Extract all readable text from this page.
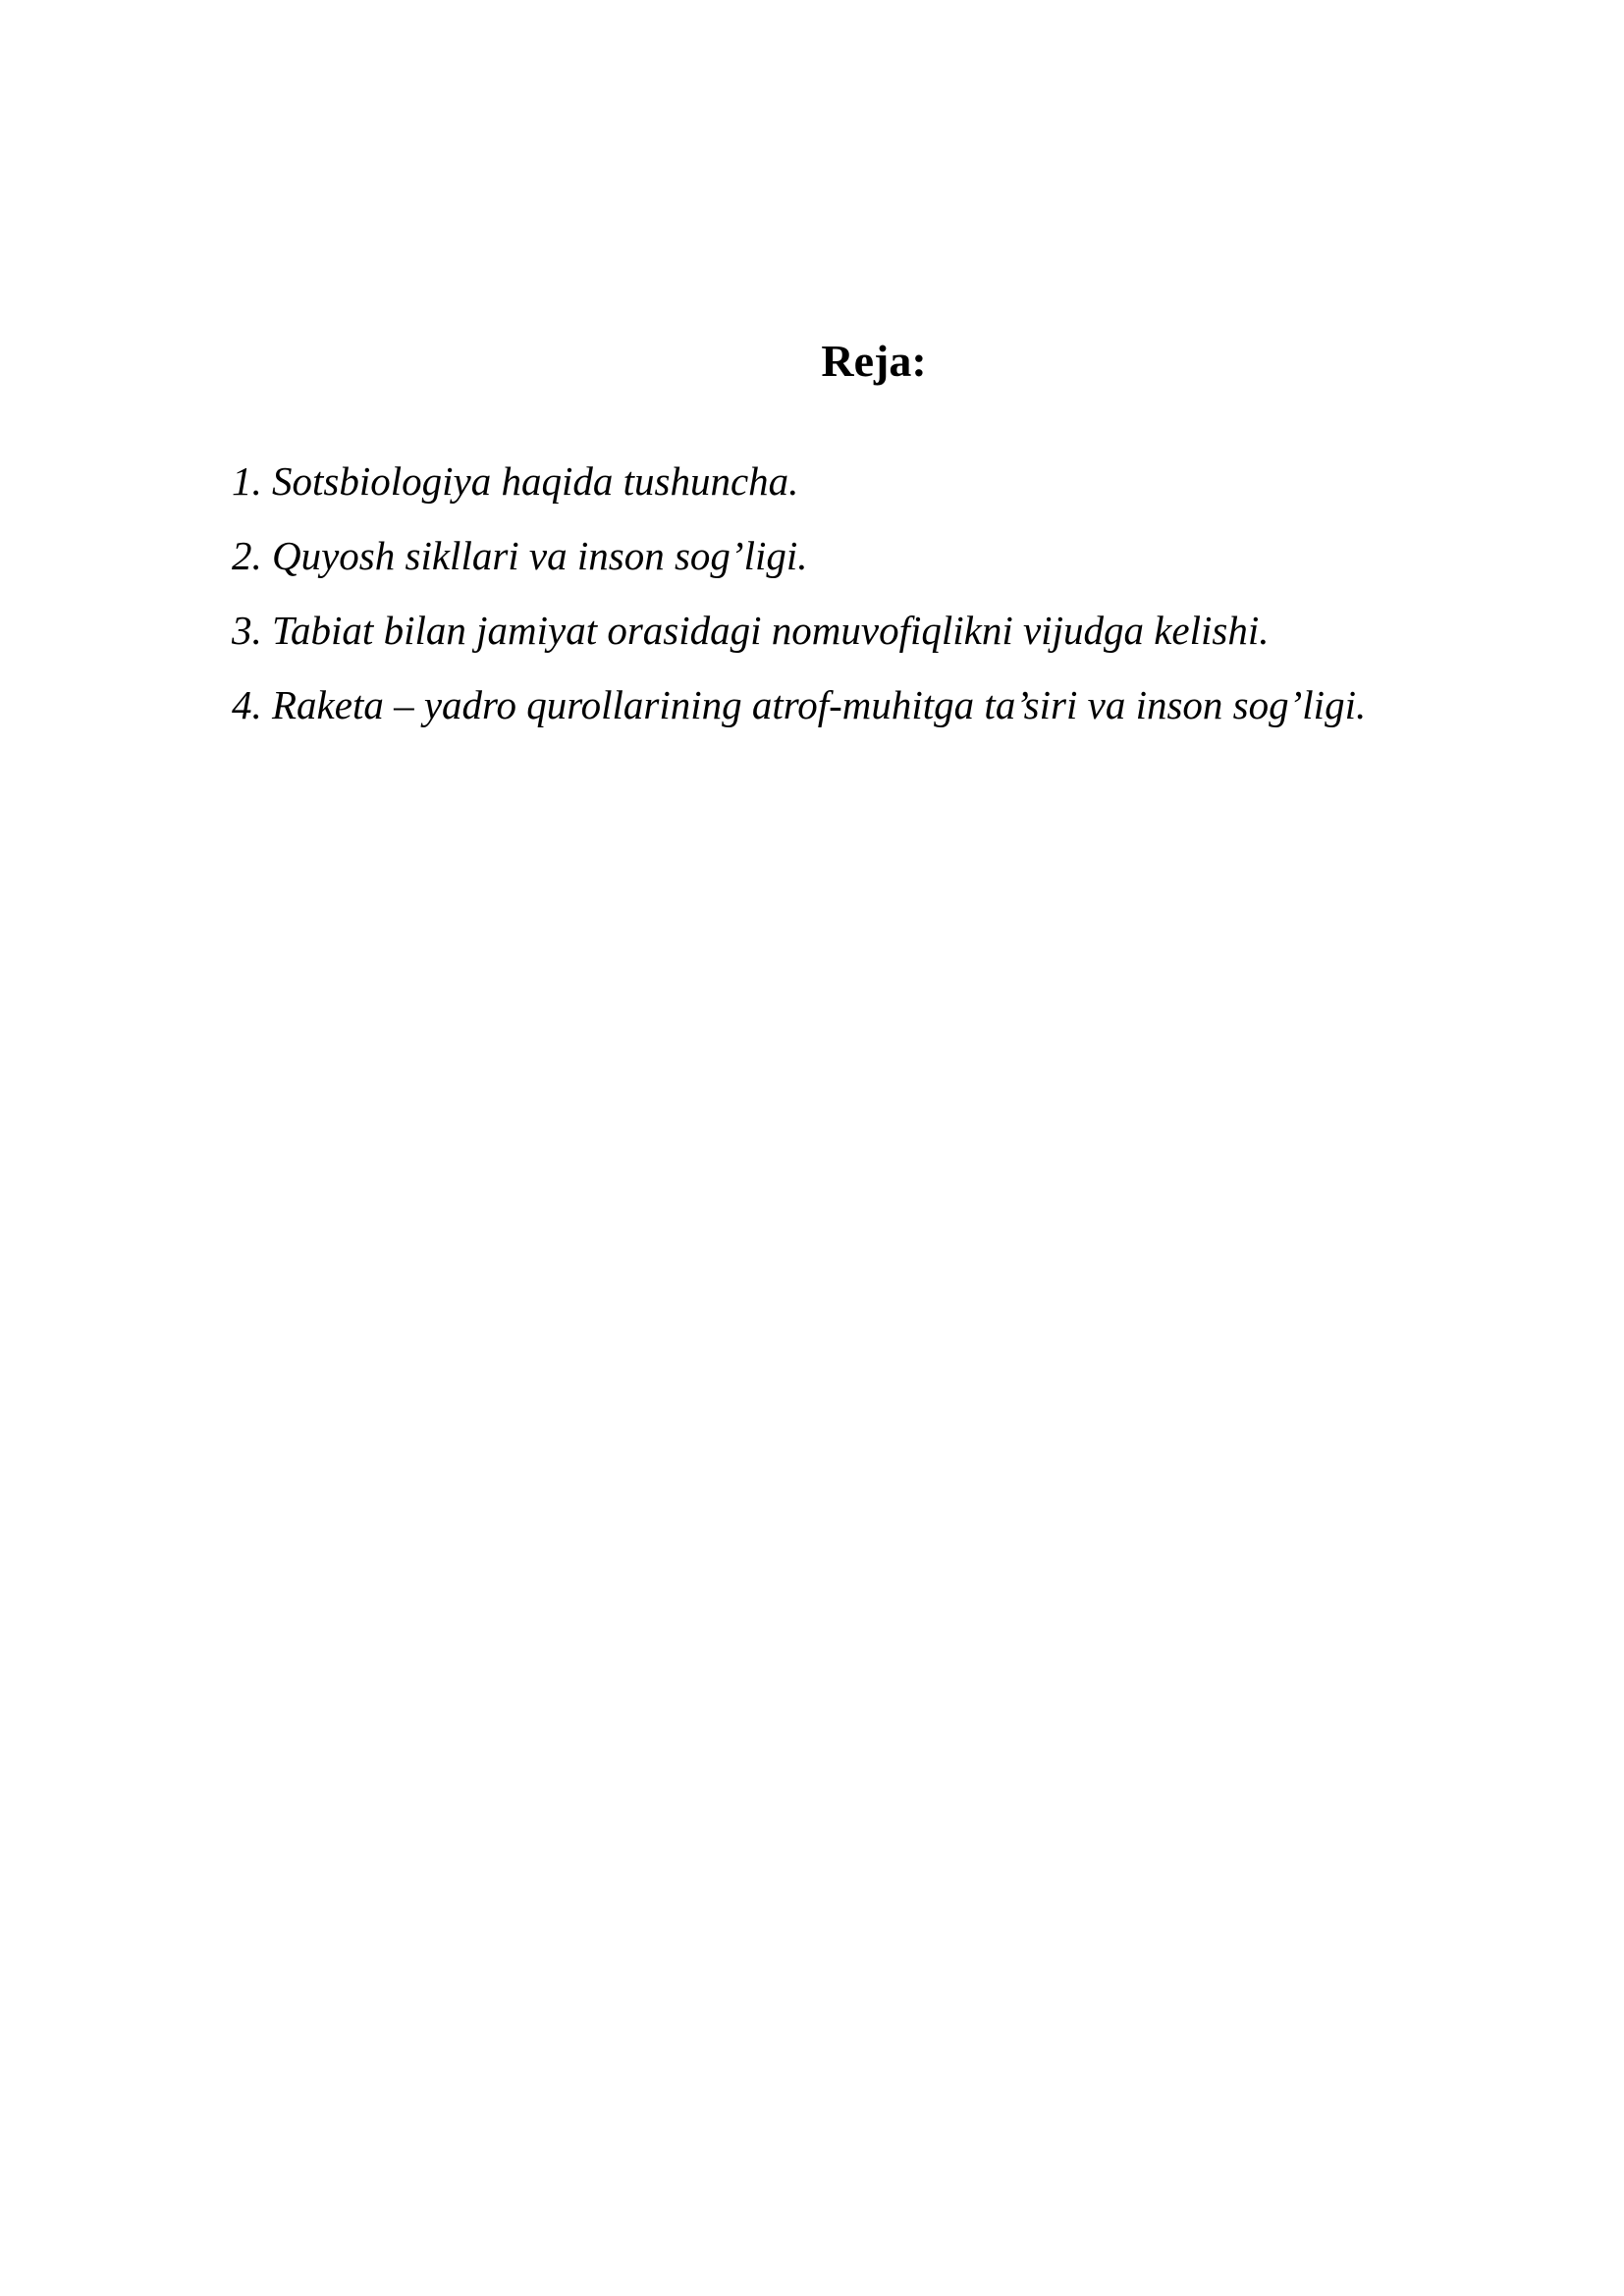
Reja:
1. Sotsbiologiya haqida tushuncha.
2. Quyosh sikllari va inson sog’ligi.
3. Tabiat bilan jamiyat orasidagi nomuvofiqlikni vijudga kelishi.
4. Raketa – yadro qurollarining atrof-muhitga ta’siri va inson sog’ligi.
